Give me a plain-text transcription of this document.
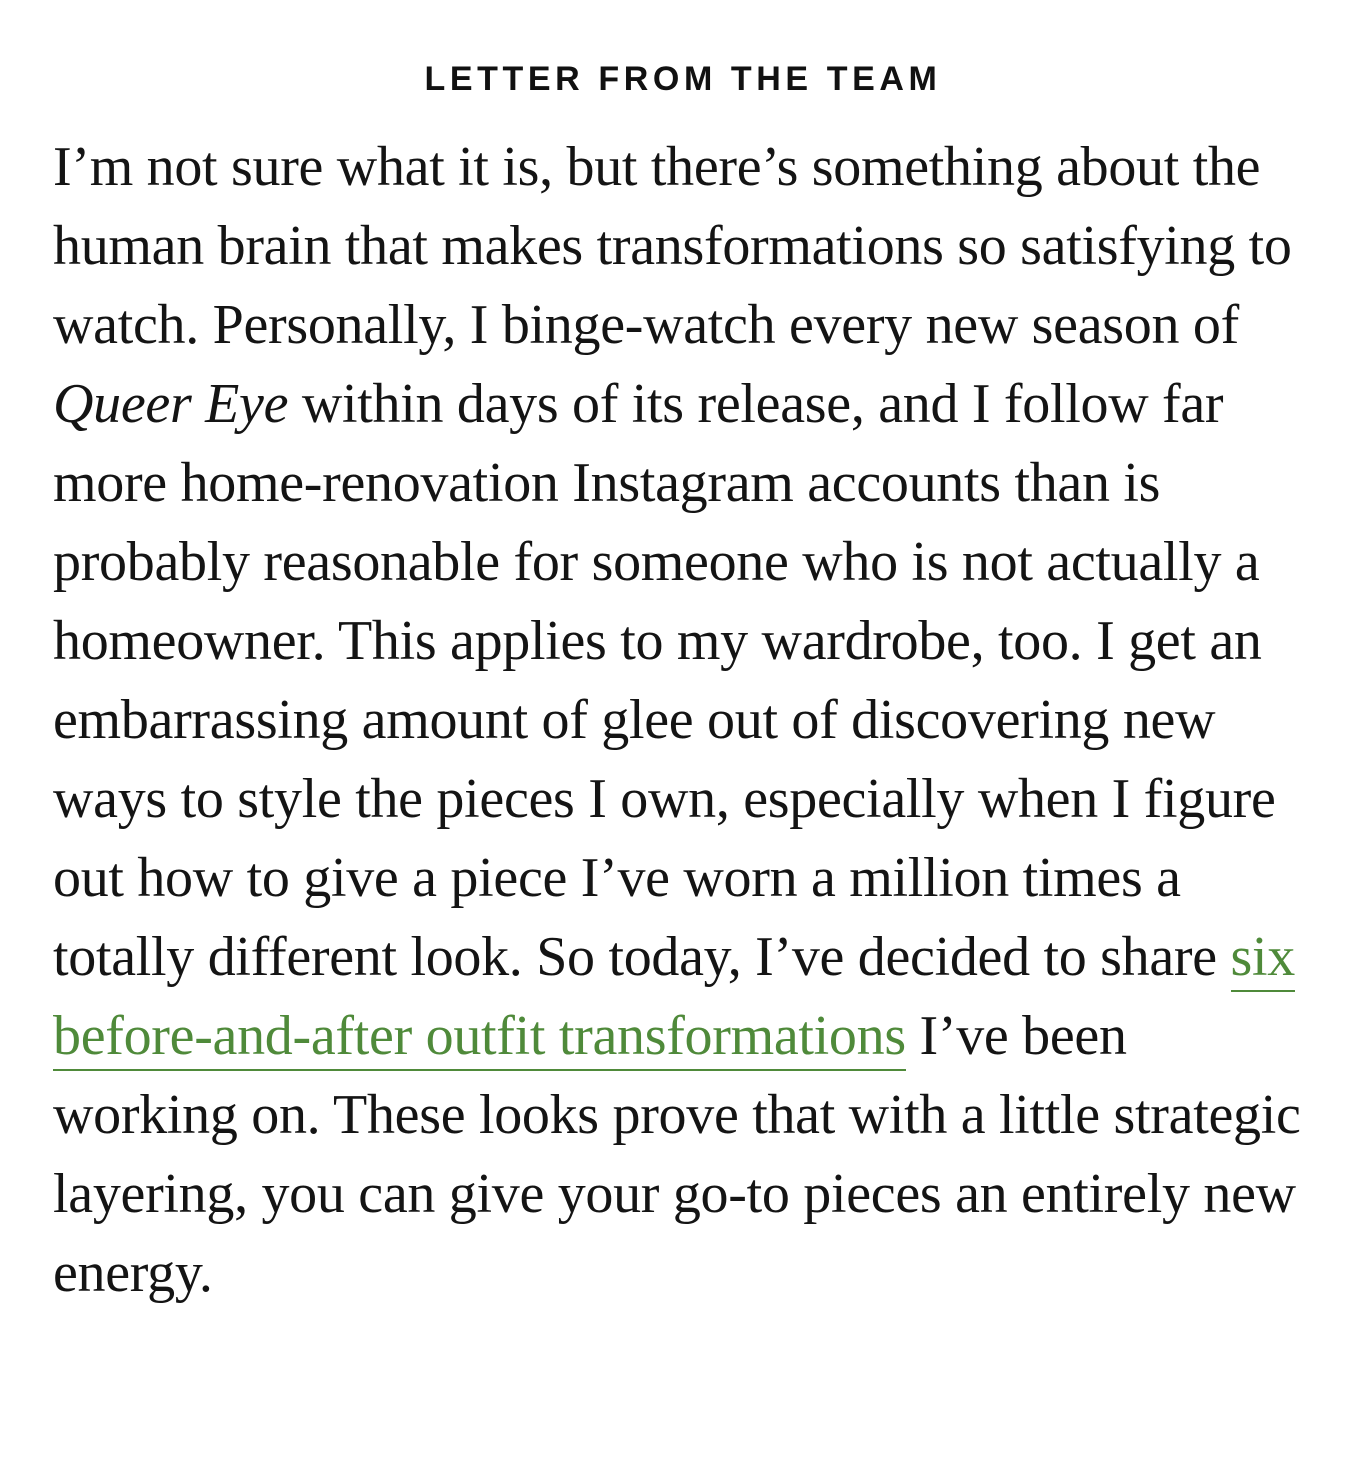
LETTER FROM THE TEAM

I’m not sure what it is, but there’s something about the human brain that makes transformations so satisfying to watch. Personally, I binge-watch every new season of Queer Eye within days of its release, and I follow far more home-renovation Instagram accounts than is probably reasonable for someone who is not actually a homeowner. This applies to my wardrobe, too. I get an embarrassing amount of glee out of discovering new ways to style the pieces I own, especially when I figure out how to give a piece I’ve worn a million times a totally different look. So today, I’ve decided to share six before-and-after outfit transformations I’ve been working on. These looks prove that with a little strategic layering, you can give your go-to pieces an entirely new energy.
